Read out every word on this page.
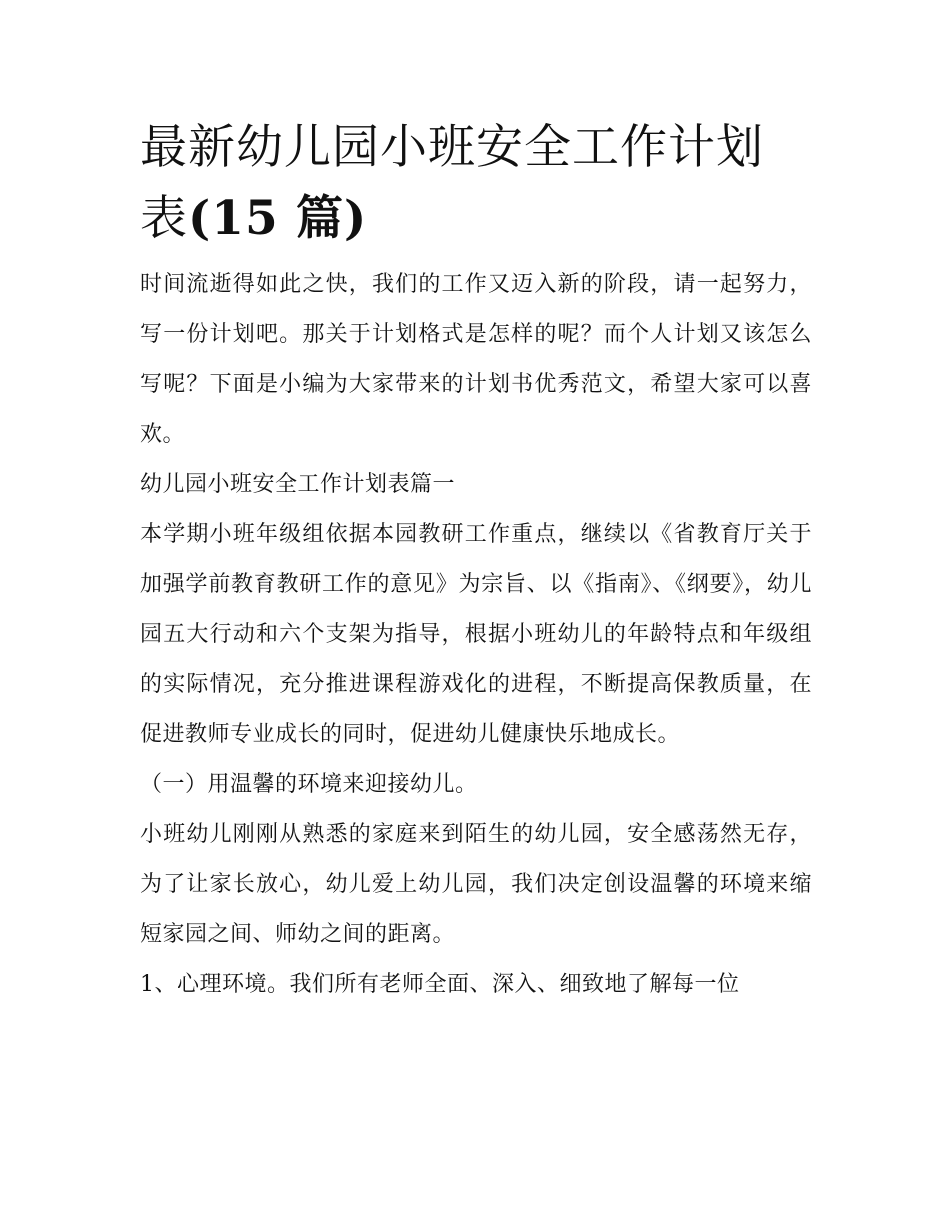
最新幼儿园小班安全工作计划
表(15 篇)

时间流逝得如此之快，我们的工作又迈入新的阶段，请一起努力，写一份计划吧。那关于计划格式是怎样的呢？而个人计划又该怎么写呢？下面是小编为大家带来的计划书优秀范文，希望大家可以喜欢。

幼儿园小班安全工作计划表篇一

本学期小班年级组依据本园教研工作重点，继续以《省教育厅关于加强学前教育教研工作的意见》为宗旨、以《指南》、《纲要》，幼儿园五大行动和六个支架为指导，根据小班幼儿的年龄特点和年级组的实际情况，充分推进课程游戏化的进程，不断提高保教质量，在促进教师专业成长的同时，促进幼儿健康快乐地成长。

（一）用温馨的环境来迎接幼儿。

小班幼儿刚刚从熟悉的家庭来到陌生的幼儿园，安全感荡然无存，为了让家长放心，幼儿爱上幼儿园，我们决定创设温馨的环境来缩短家园之间、师幼之间的距离。

1、心理环境。我们所有老师全面、深入、细致地了解每一位
